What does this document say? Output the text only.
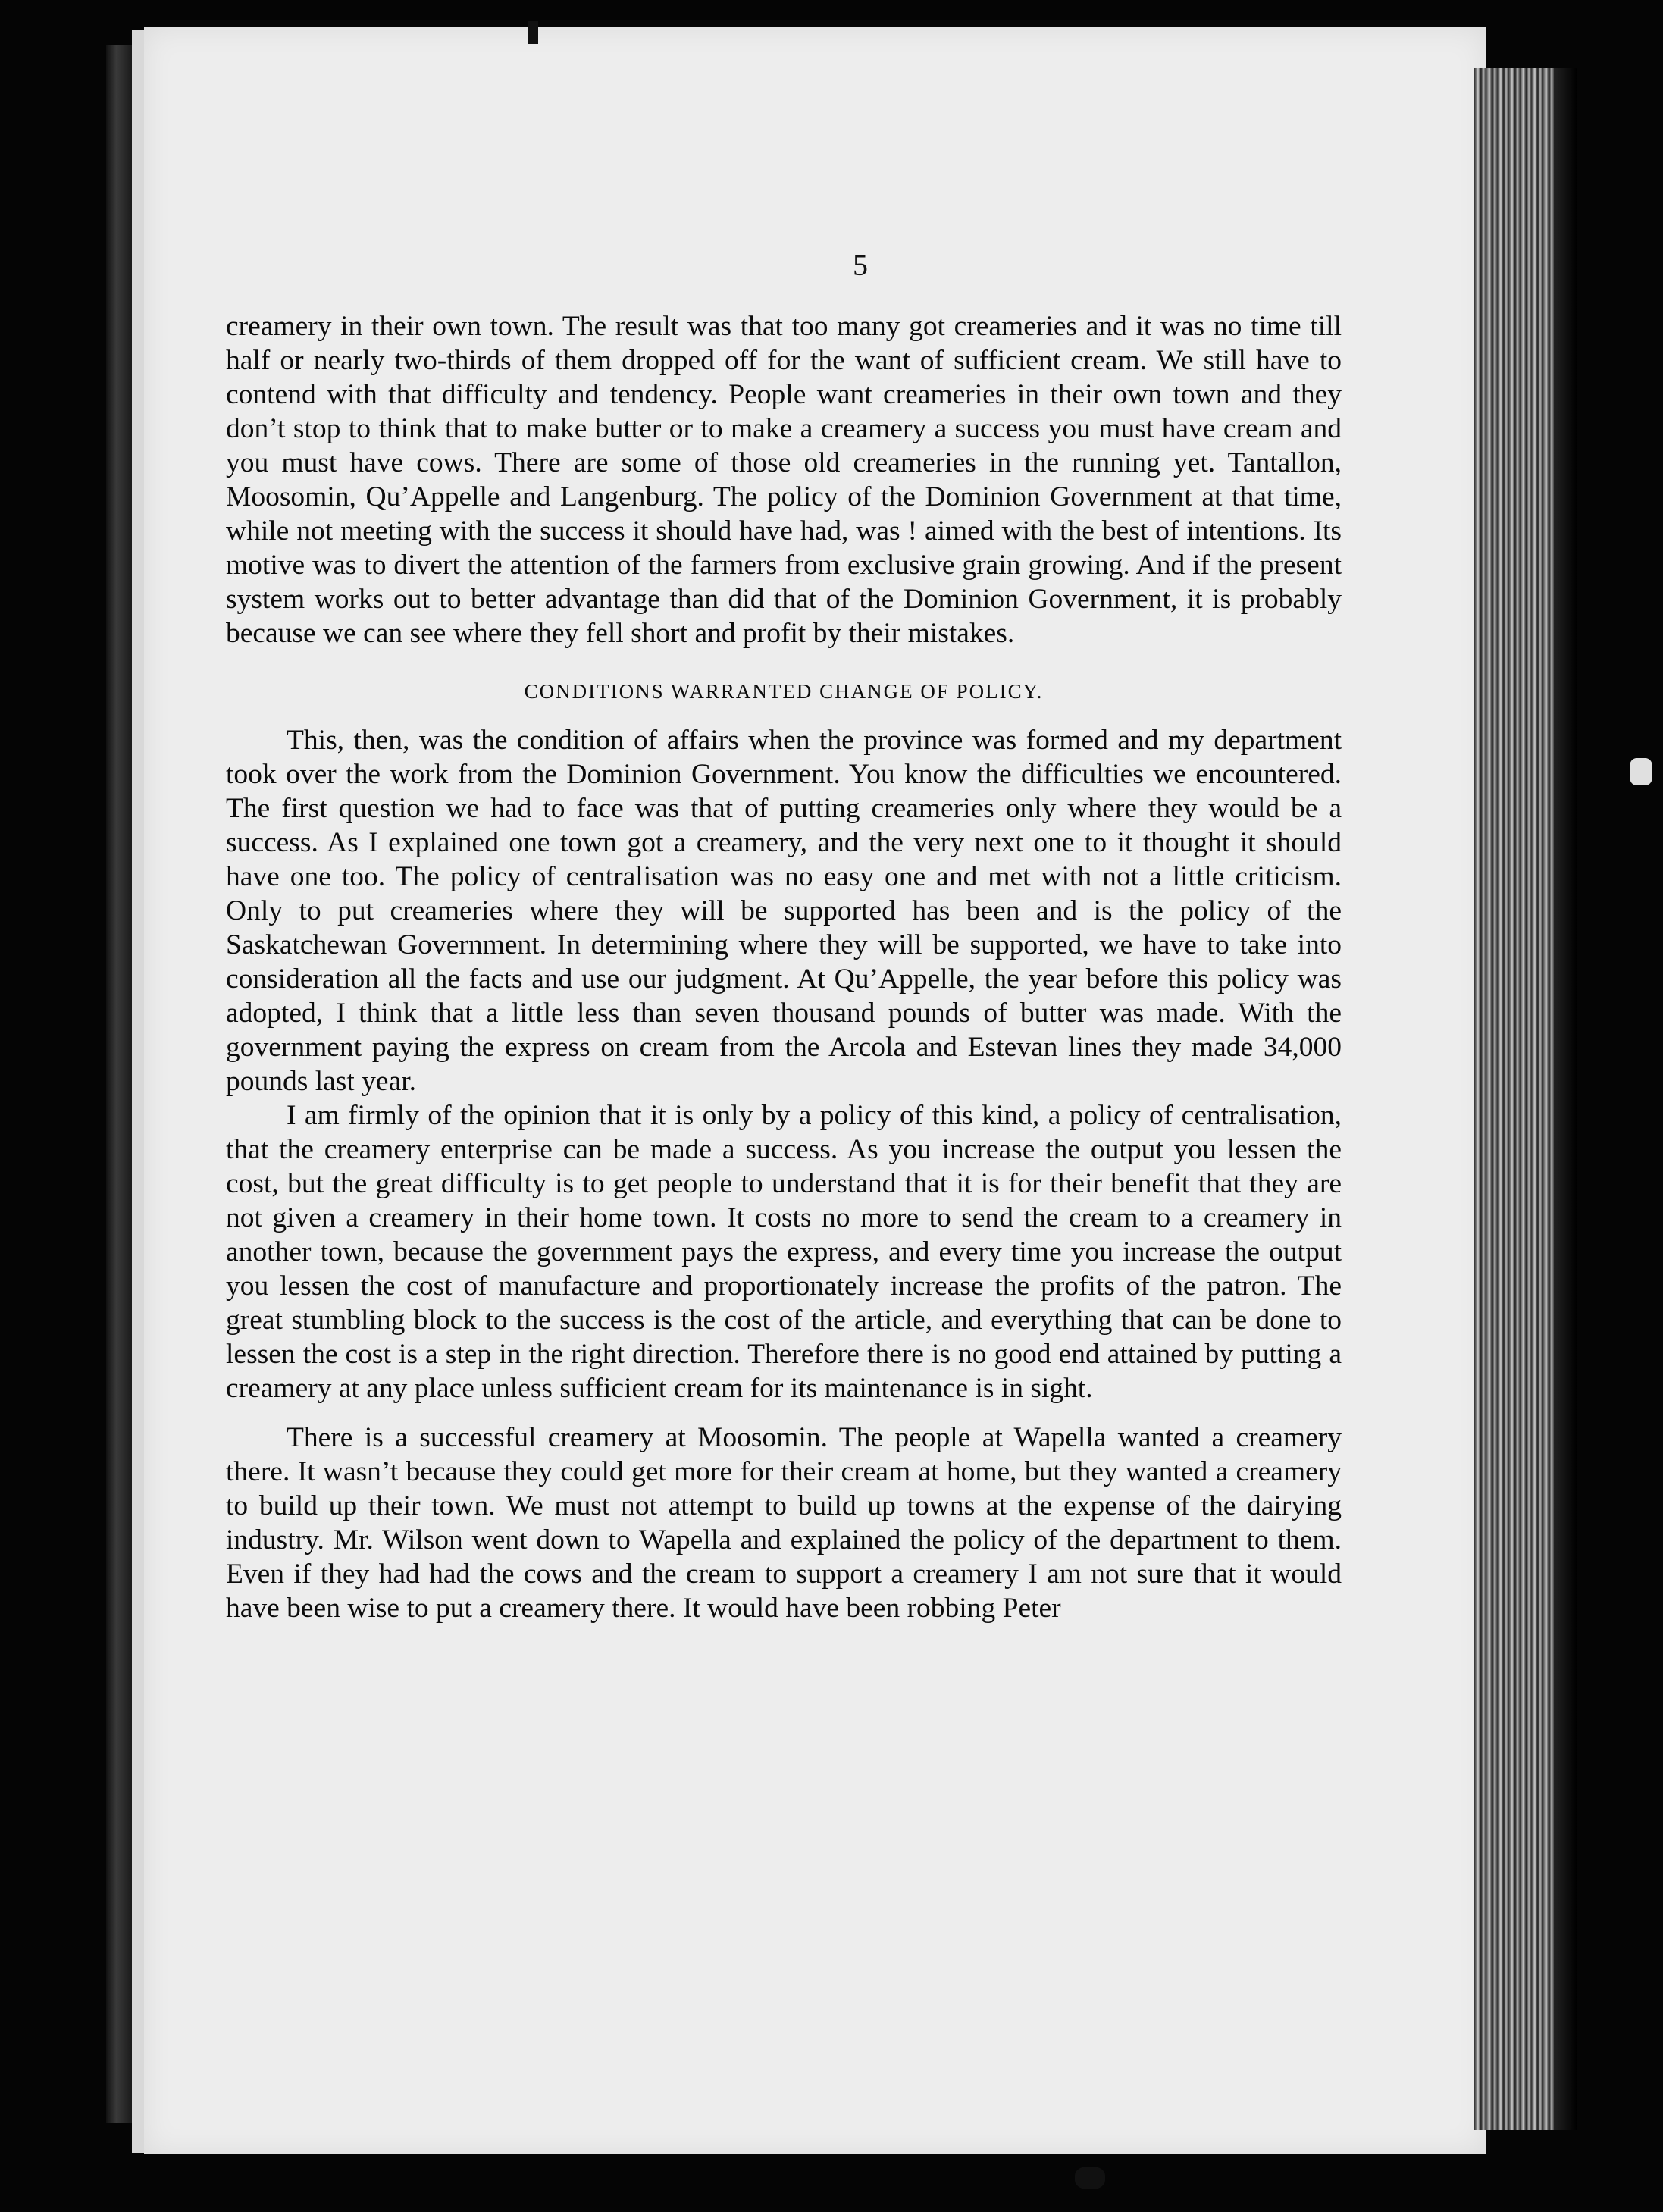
5

creamery in their own town. The result was that too many got creameries and it was no time till half or nearly two-thirds of them dropped off for the want of sufficient cream. We still have to contend with that difficulty and tendency. People want creameries in their own town and they don’t stop to think that to make butter or to make a creamery a success you must have cream and you must have cows. There are some of those old creameries in the running yet. Tantallon, Moosomin, Qu’Appelle and Langenburg. The policy of the Dominion Government at that time, while not meeting with the success it should have had, was ! aimed with the best of intentions. Its motive was to divert the attention of the farmers from exclusive grain growing. And if the present system works out to better advantage than did that of the Dominion Government, it is probably because we can see where they fell short and profit by their mistakes.

CONDITIONS WARRANTED CHANGE OF POLICY.

This, then, was the condition of affairs when the province was formed and my department took over the work from the Dominion Government. You know the difficulties we encountered. The first question we had to face was that of putting creameries only where they would be a success. As I explained one town got a creamery, and the very next one to it thought it should have one too. The policy of centralisation was no easy one and met with not a little criticism. Only to put creameries where they will be supported has been and is the policy of the Saskatchewan Government. In determining where they will be supported, we have to take into consideration all the facts and use our judgment. At Qu’Appelle, the year before this policy was adopted, I think that a little less than seven thousand pounds of butter was made. With the government paying the express on cream from the Arcola and Estevan lines they made 34,000 pounds last year.

I am firmly of the opinion that it is only by a policy of this kind, a policy of centralisation, that the creamery enterprise can be made a success. As you increase the output you lessen the cost, but the great difficulty is to get people to understand that it is for their benefit that they are not given a creamery in their home town. It costs no more to send the cream to a creamery in another town, because the government pays the express, and every time you increase the output you lessen the cost of manufacture and proportionately increase the profits of the patron. The great stumbling block to the success is the cost of the article, and everything that can be done to lessen the cost is a step in the right direction. Therefore there is no good end attained by putting a creamery at any place unless sufficient cream for its maintenance is in sight.

There is a successful creamery at Moosomin. The people at Wapella wanted a creamery there. It wasn’t because they could get more for their cream at home, but they wanted a creamery to build up their town. We must not attempt to build up towns at the expense of the dairying industry. Mr. Wilson went down to Wapella and explained the policy of the department to them. Even if they had had the cows and the cream to support a creamery I am not sure that it would have been wise to put a creamery there. It would have been robbing Peter
